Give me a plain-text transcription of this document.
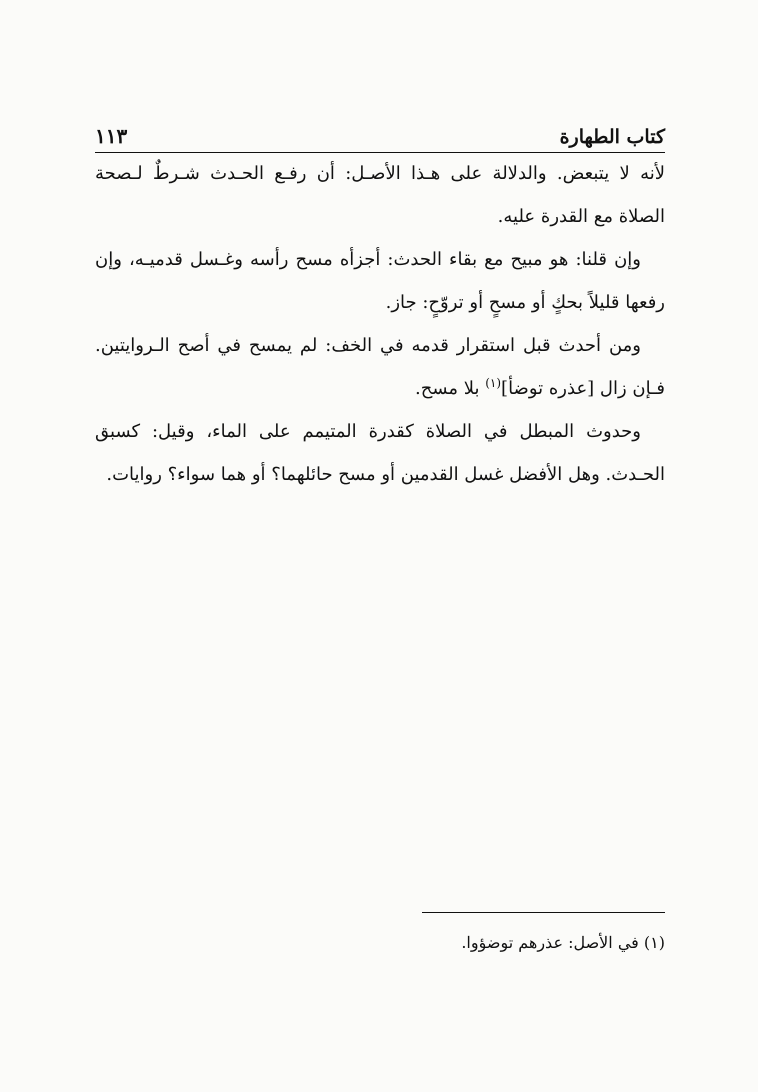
كتاب الطهارة
١١٣

لأنه لا يتبعض. والدلالة على هـذا الأصـل: أن رفـع الحـدث شـرطٌ لـصحة الصلاة مع القدرة عليه.

وإن قلنا: هو مبيح مع بقاء الحدث: أجزأه مسح رأسه وغـسل قدميـه، وإن رفعها قليلاً بحكٍ أو مسحٍ أو تروّحٍ: جاز.

ومن أحدث قبل استقرار قدمه في الخف: لم يمسح في أصح الـروايتين. فـإن زال [عذره توضأ]$^{(١)}$ بلا مسح.

وحدوث المبطل في الصلاة كقدرة المتيمم على الماء، وقيل: كسبق الحـدث. وهل الأفضل غسل القدمين أو مسح حائلهما؟ أو هما سواء؟ روايات.

(١) في الأصل: عذرهم توضؤوا.
